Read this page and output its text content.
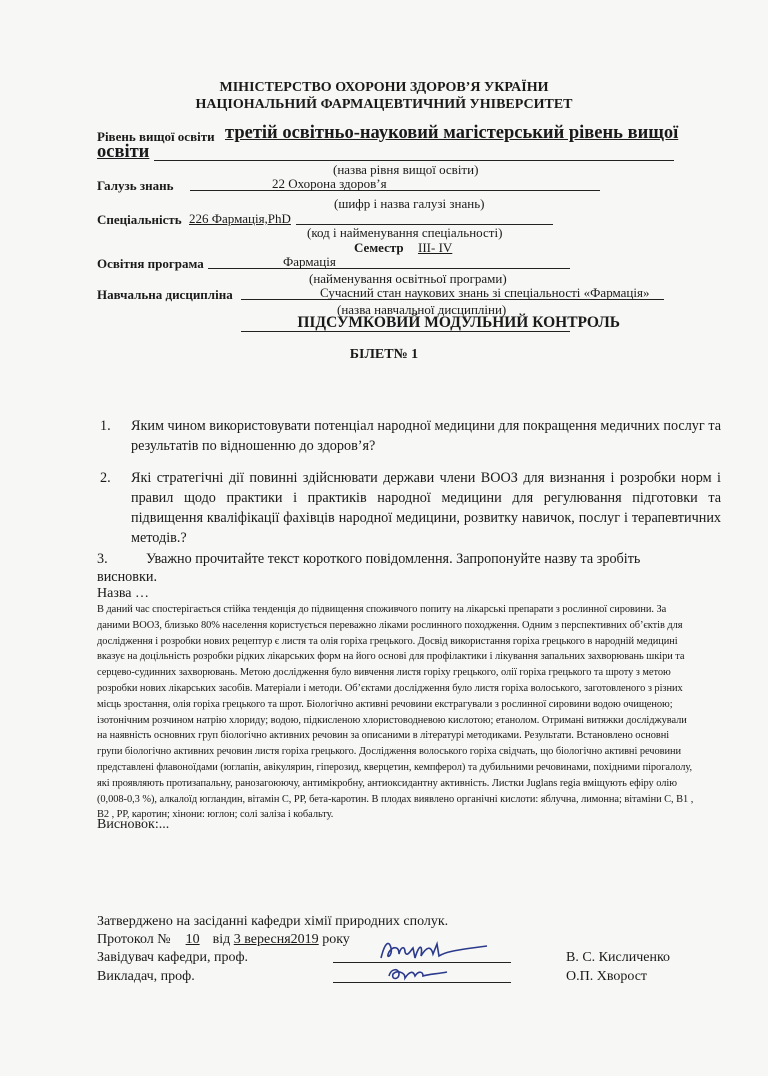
МІНІСТЕРСТВО ОХОРОНИ ЗДОРОВ’Я УКРАЇНИ
НАЦІОНАЛЬНИЙ ФАРМАЦЕВТИЧНИЙ УНІВЕРСИТЕТ
Рівень вищої освіти третій освітньо-науковий магістерський рівень вищої
освіти
(назва рівня вищої освіти)
Галузь знань	22 Охорона здоров’я
(шифр і назва галузі знань)
Спеціальність 226 Фармація,PhD
(код і найменування спеціальності)
Семестр ІІІ- ІV
Освітня програма	Фармація
(найменування освітньої програми)
Навчальна дисципліна	Сучасний стан наукових знань зі спеціальності «Фармація»
(назва навчальної дисципліни)
ПІДСУМКОВИЙ МОДУЛЬНИЙ КОНТРОЛЬ
БІЛЕТ№ 1
1. Яким чином використовувати потенціал народної медицини для покращення медичних послуг та результатів по відношенню до здоров’я?
2. Які стратегічні дії повинні здійснювати держави члени ВООЗ для визнання і розробки норм і правил щодо практики і практиків народної медицини для регулювання підготовки та підвищення кваліфікації фахівців народної медицини, розвитку навичок, послуг і терапевтичних методів.?
3.	Уважно прочитайте текст короткого повідомлення. Запропонуйте назву та зробіть
висновки.
Назва …
В даний час спостерігається стійка тенденція до підвищення споживчого попиту на лікарські препарати з рослинної сировини. За
даними ВООЗ, близько 80% населення користується переважно ліками рослинного походження. Одним з перспективних об’єктів для
дослідження і розробки нових рецептур є листя та олія горіха грецького. Досвід використання горіха грецького в народній медицині
вказує на доцільність розробки рідких лікарських форм на його основі для профілактики і лікування запальних захворювань шкіри та
серцево-судинних захворювань. Метою дослідження було вивчення листя горіху грецького, олії горіха грецького та шроту з метою
розробки нових лікарських засобів. Матеріали і методи. Об’єктами дослідження було листя горіха волоського, заготовленого з різних
місць зростання, олія горіха грецького та шрот. Біологічно активні речовини екстрагували з рослинної сировини водою очищеною;
ізотонічним розчином натрію хлориду; водою, підкисленою хлористоводневою кислотою; етанолом. Отримані витяжки досліджували
на наявність основних груп біологічно активних речовин за описаними в літературі методиками. Результати. Встановлено основні
групи біологічно активних речовин листя горіха грецького. Дослідження волоського горіха свідчать, що біологічно активні речовини
представлені флавоноїдами (юглапін, авікулярин, гіперозид, кверцетин, кемпферол) та дубильними речовинами, похідними пірогалолу,
які проявляють протизапальну, ранозагоюючу, антимікробну, антиоксидантну активність. Листки Juglans regia вміщують ефіру олію
(0,008-0,3 %), алкалоїд югландин, вітамін С, РР, бета-каротин. В плодах виявлено органічні кислоти: яблучна, лимонна; вітаміни С, В1 ,
В2 , РР, каротин; хінони: юглон; солі заліза і кобальту.
Висновок:...
Затверджено на засіданні кафедри хімії природних сполук.
Протокол № 10 від 3 вересня2019 року
Завідувач кафедри, проф.	В. С. Кисличенко
Викладач, проф.	О.П. Хворост
